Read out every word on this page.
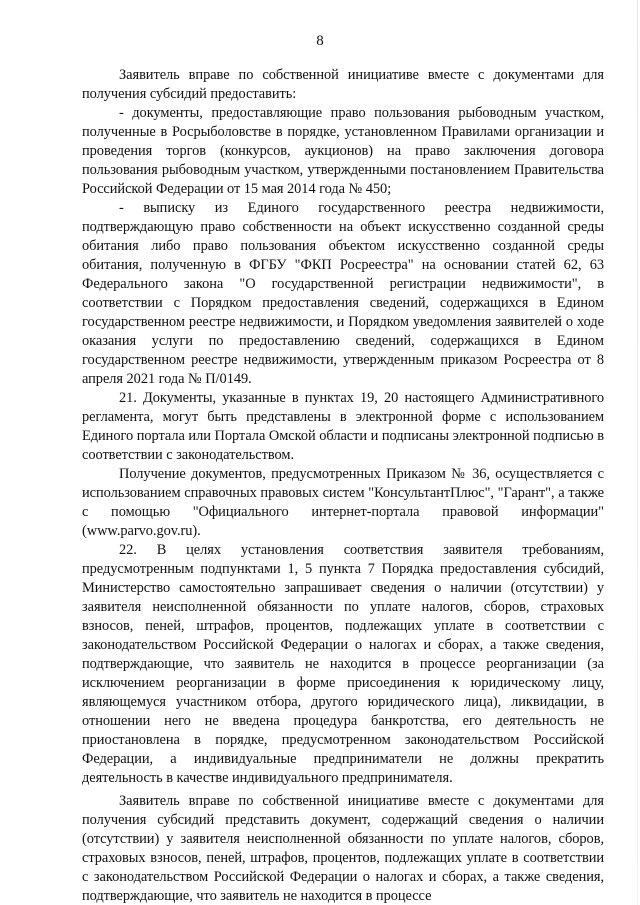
8

Заявитель вправе по собственной инициативе вместе с документами для получения субсидий предоставить:

- документы, предоставляющие право пользования рыбоводным участком, полученные в Росрыболовстве в порядке, установленном Правилами организации и проведения торгов (конкурсов, аукционов) на право заключения договора пользования рыбоводным участком, утвержденными постановлением Правительства Российской Федерации от 15 мая 2014 года № 450;

- выписку из Единого государственного реестра недвижимости, подтверждающую право собственности на объект искусственно созданной среды обитания либо право пользования объектом искусственно созданной среды обитания, полученную в ФГБУ "ФКП Росреестра" на основании статей 62, 63 Федерального закона "О государственной регистрации недвижимости", в соответствии с Порядком предоставления сведений, содержащихся в Едином государственном реестре недвижимости, и Порядком уведомления заявителей о ходе оказания услуги по предоставлению сведений, содержащихся в Едином государственном реестре недвижимости, утвержденным приказом Росреестра от 8 апреля 2021 года № П/0149.

21. Документы, указанные в пунктах 19, 20 настоящего Административного регламента, могут быть представлены в электронной форме с использованием Единого портала или Портала Омской области и подписаны электронной подписью в соответствии с законодательством.

Получение документов, предусмотренных Приказом № 36, осуществляется с использованием справочных правовых систем "КонсультантПлюс", "Гарант", а также с помощью "Официального интернет-портала правовой информации" (www.parvo.gov.ru).

22. В целях установления соответствия заявителя требованиям, предусмотренным подпунктами 1, 5 пункта 7 Порядка предоставления субсидий, Министерство самостоятельно запрашивает сведения о наличии (отсутствии) у заявителя неисполненной обязанности по уплате налогов, сборов, страховых взносов, пеней, штрафов, процентов, подлежащих уплате в соответствии с законодательством Российской Федерации о налогах и сборах, а также сведения, подтверждающие, что заявитель не находится в процессе реорганизации (за исключением реорганизации в форме присоединения к юридическому лицу, являющемуся участником отбора, другого юридического лица), ликвидации, в отношении него не введена процедура банкротства, его деятельность не приостановлена в порядке, предусмотренном законодательством Российской Федерации, а индивидуальные предприниматели не должны прекратить деятельность в качестве индивидуального предпринимателя.

Заявитель вправе по собственной инициативе вместе с документами для получения субсидий представить документ, содержащий сведения о наличии (отсутствии) у заявителя неисполненной обязанности по уплате налогов, сборов, страховых взносов, пеней, штрафов, процентов, подлежащих уплате в соответствии с законодательством Российской Федерации о налогах и сборах, а также сведения, подтверждающие, что заявитель не находится в процессе
